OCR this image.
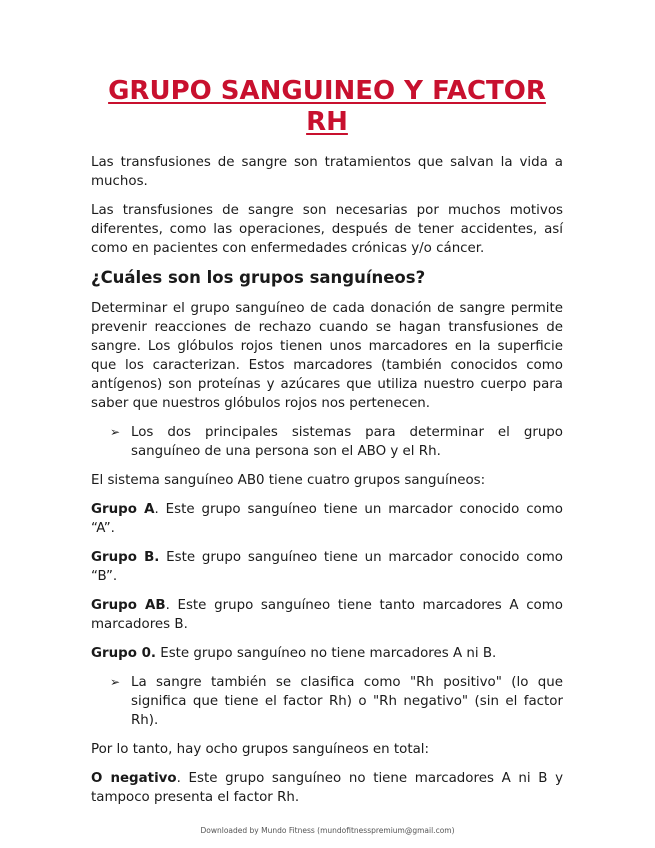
GRUPO SANGUINEO Y FACTOR
RH

Las transfusiones de sangre son tratamientos que salvan la vida a muchos.

Las transfusiones de sangre son necesarias por muchos motivos diferentes, como las operaciones, después de tener accidentes, así como en pacientes con enfermedades crónicas y/o cáncer.

¿Cuáles son los grupos sanguíneos?

Determinar el grupo sanguíneo de cada donación de sangre permite prevenir reacciones de rechazo cuando se hagan transfusiones de sangre. Los glóbulos rojos tienen unos marcadores en la superficie que los caracterizan. Estos marcadores (también conocidos como antígenos) son proteínas y azúcares que utiliza nuestro cuerpo para saber que nuestros glóbulos rojos nos pertenecen.

➢ Los dos principales sistemas para determinar el grupo sanguíneo de una persona son el ABO y el Rh.

El sistema sanguíneo AB0 tiene cuatro grupos sanguíneos:

Grupo A. Este grupo sanguíneo tiene un marcador conocido como “A”.

Grupo B. Este grupo sanguíneo tiene un marcador conocido como “B”.

Grupo AB. Este grupo sanguíneo tiene tanto marcadores A como marcadores B.

Grupo 0. Este grupo sanguíneo no tiene marcadores A ni B.

➢ La sangre también se clasifica como "Rh positivo" (lo que significa que tiene el factor Rh) o "Rh negativo" (sin el factor Rh).

Por lo tanto, hay ocho grupos sanguíneos en total:

O negativo. Este grupo sanguíneo no tiene marcadores A ni B y tampoco presenta el factor Rh.

Downloaded by Mundo Fitness (mundofitnesspremium@gmail.com)
